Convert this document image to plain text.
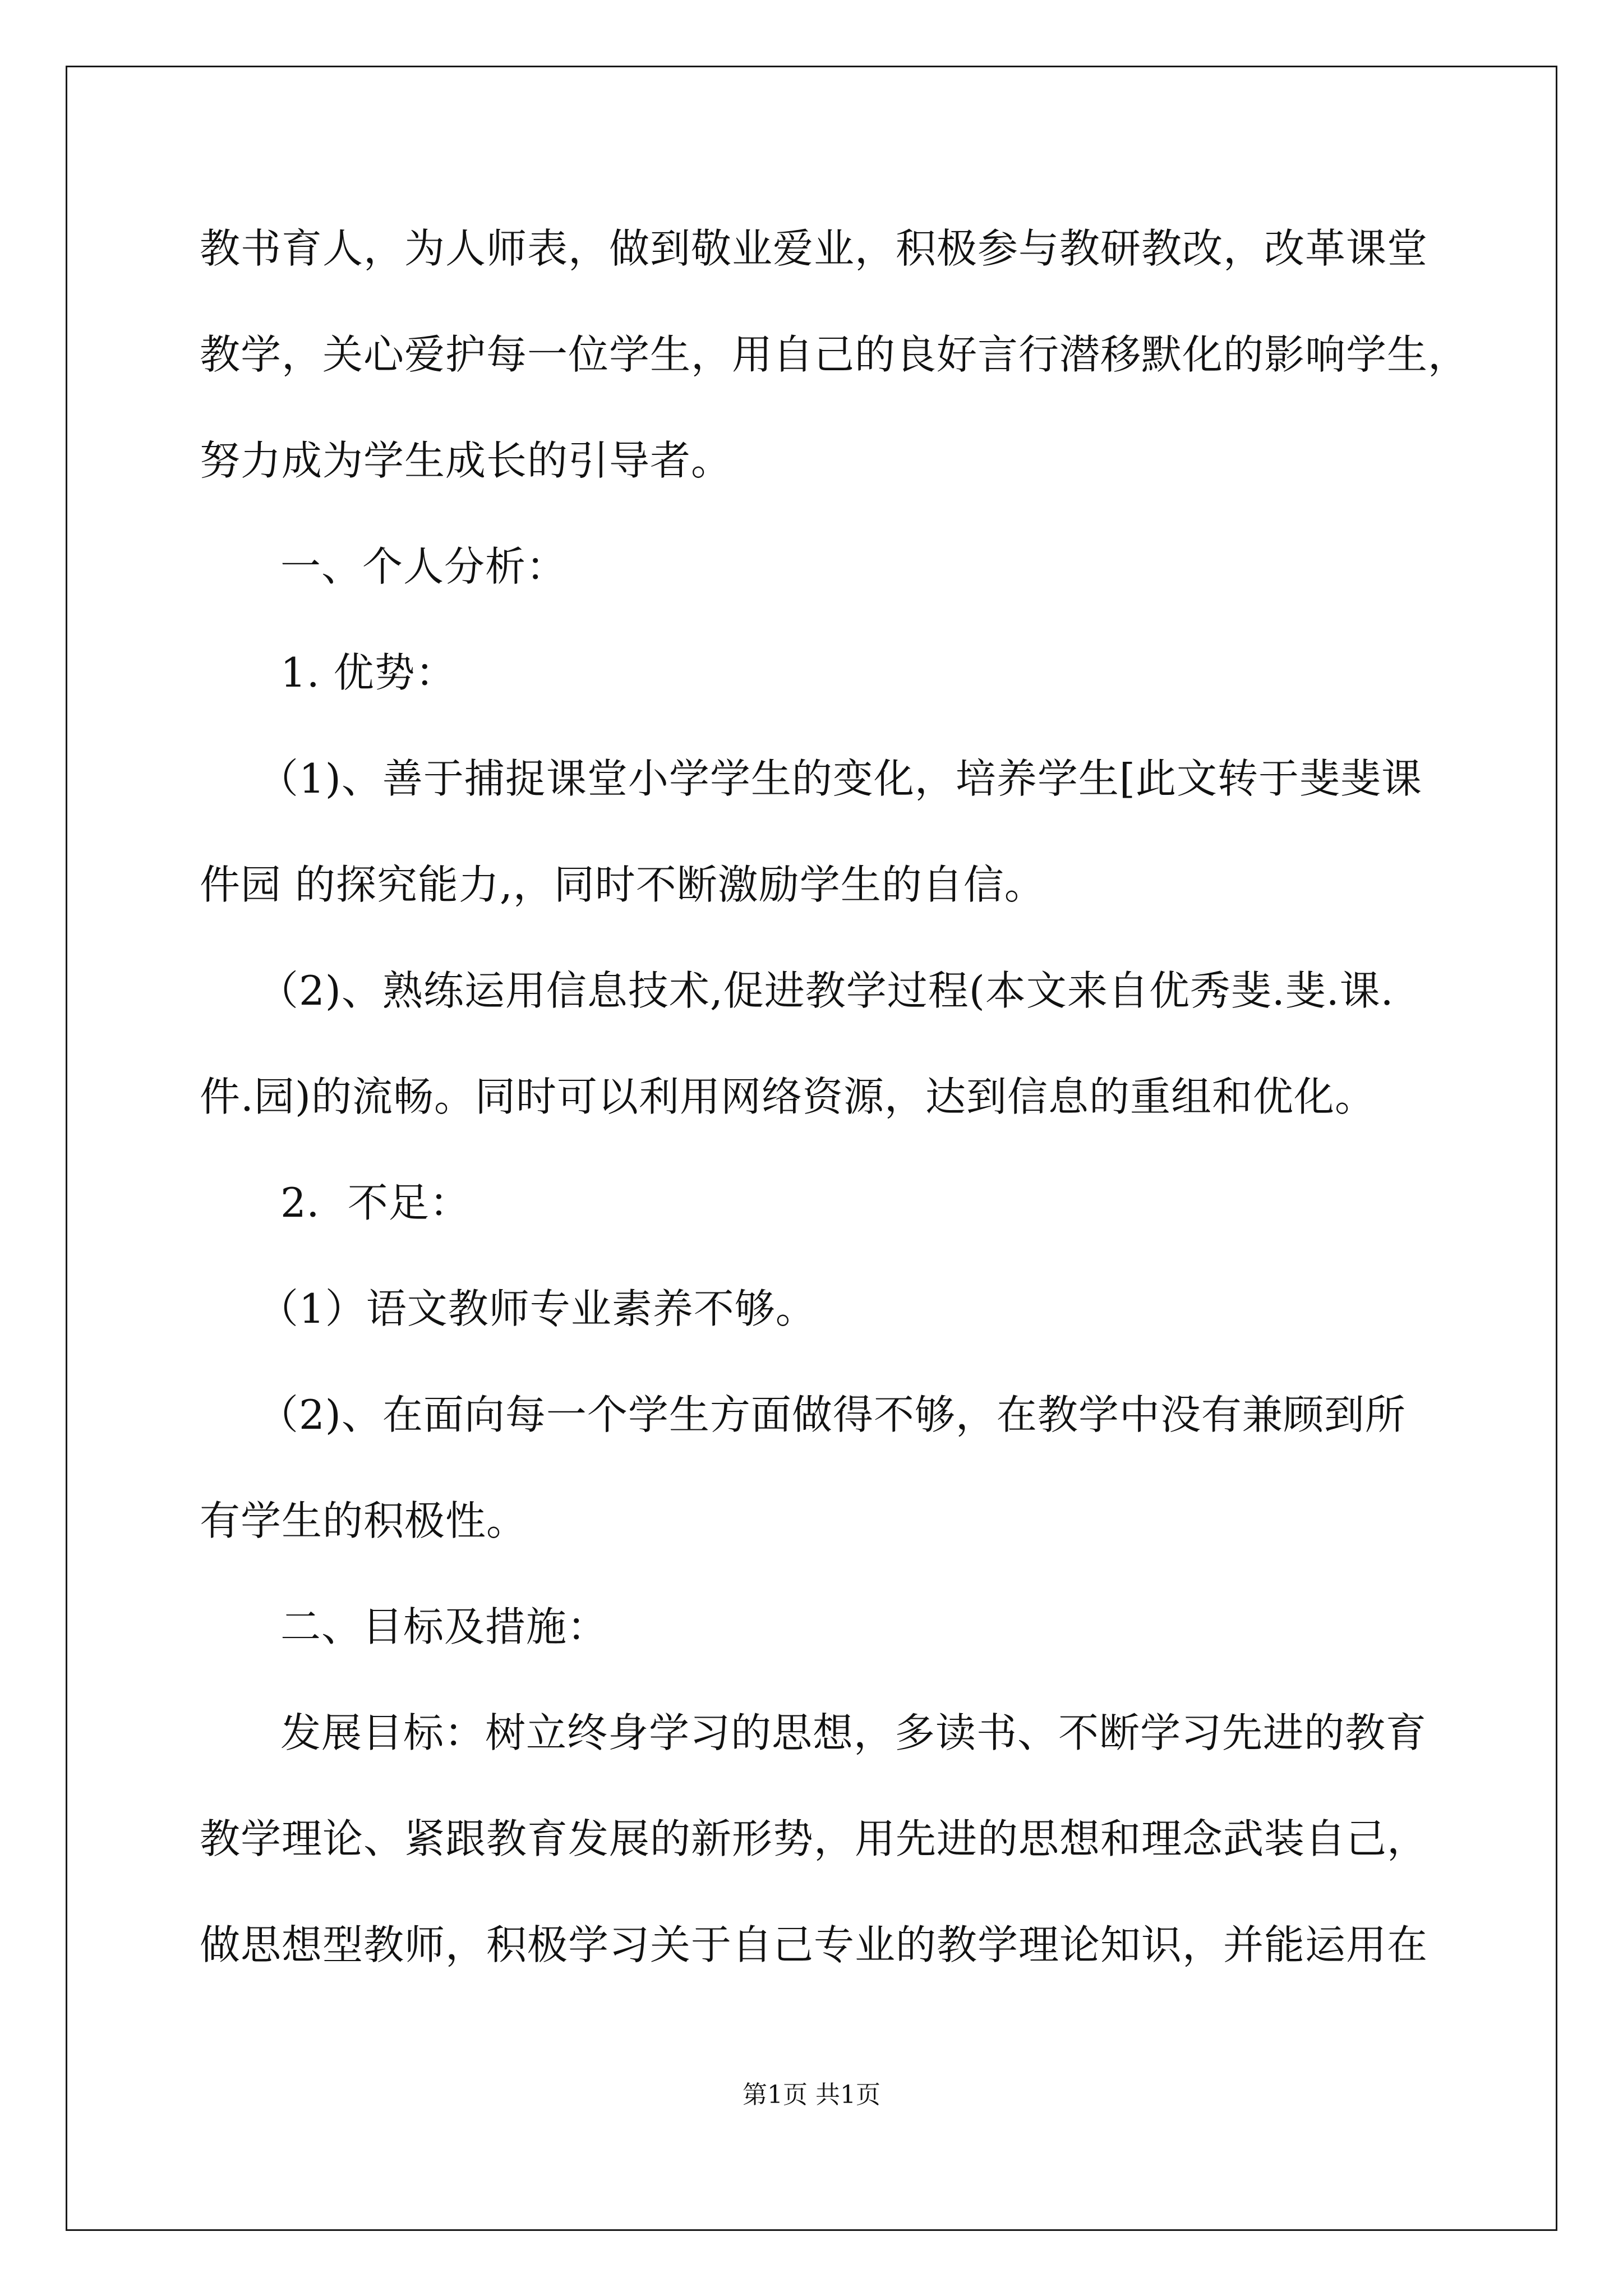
教书育人，为人师表，做到敬业爱业，积极参与教研教改，改革课堂
教学，关心爱护每一位学生，用自己的良好言行潜移默化的影响学生，
努力成为学生成长的引导者。
一、个人分析：
1. 优势：
（1)、善于捕捉课堂小学学生的变化，培养学生[此文转于斐斐课
件园 的探究能力,，同时不断激励学生的自信。
（2)、熟练运用信息技术,促进教学过程(本文来自优秀斐.斐.课.
件.园)的流畅。同时可以利用网络资源，达到信息的重组和优化。
2．不足：
（1）语文教师专业素养不够。
（2)、在面向每一个学生方面做得不够，在教学中没有兼顾到所
有学生的积极性。
二、目标及措施：
发展目标：树立终身学习的思想，多读书、不断学习先进的教育
教学理论、紧跟教育发展的新形势，用先进的思想和理念武装自己，
做思想型教师，积极学习关于自己专业的教学理论知识，并能运用在
第1页 共1页
